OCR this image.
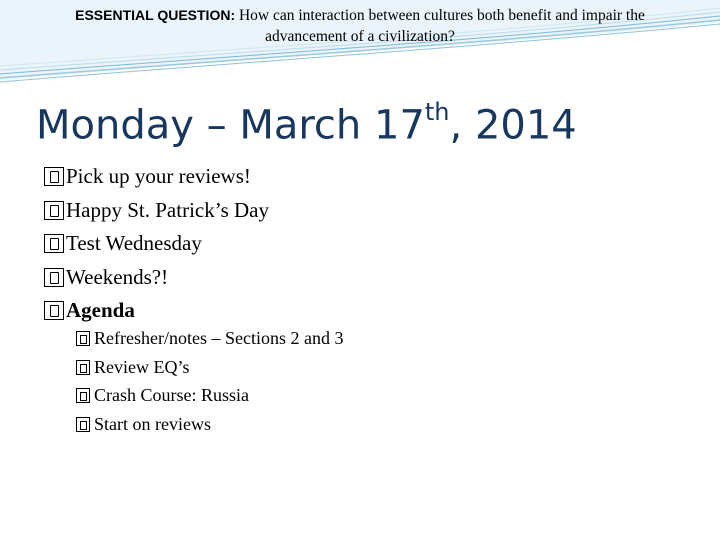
ESSENTIAL QUESTION: How can interaction between cultures both benefit and impair the
advancement of a civilization?
Monday – March 17th, 2014
Pick up your reviews!
Happy St. Patrick’s Day
Test Wednesday
Weekends?!
Agenda
Refresher/notes – Sections 2 and 3
Review EQ’s
Crash Course: Russia
Start on reviews
